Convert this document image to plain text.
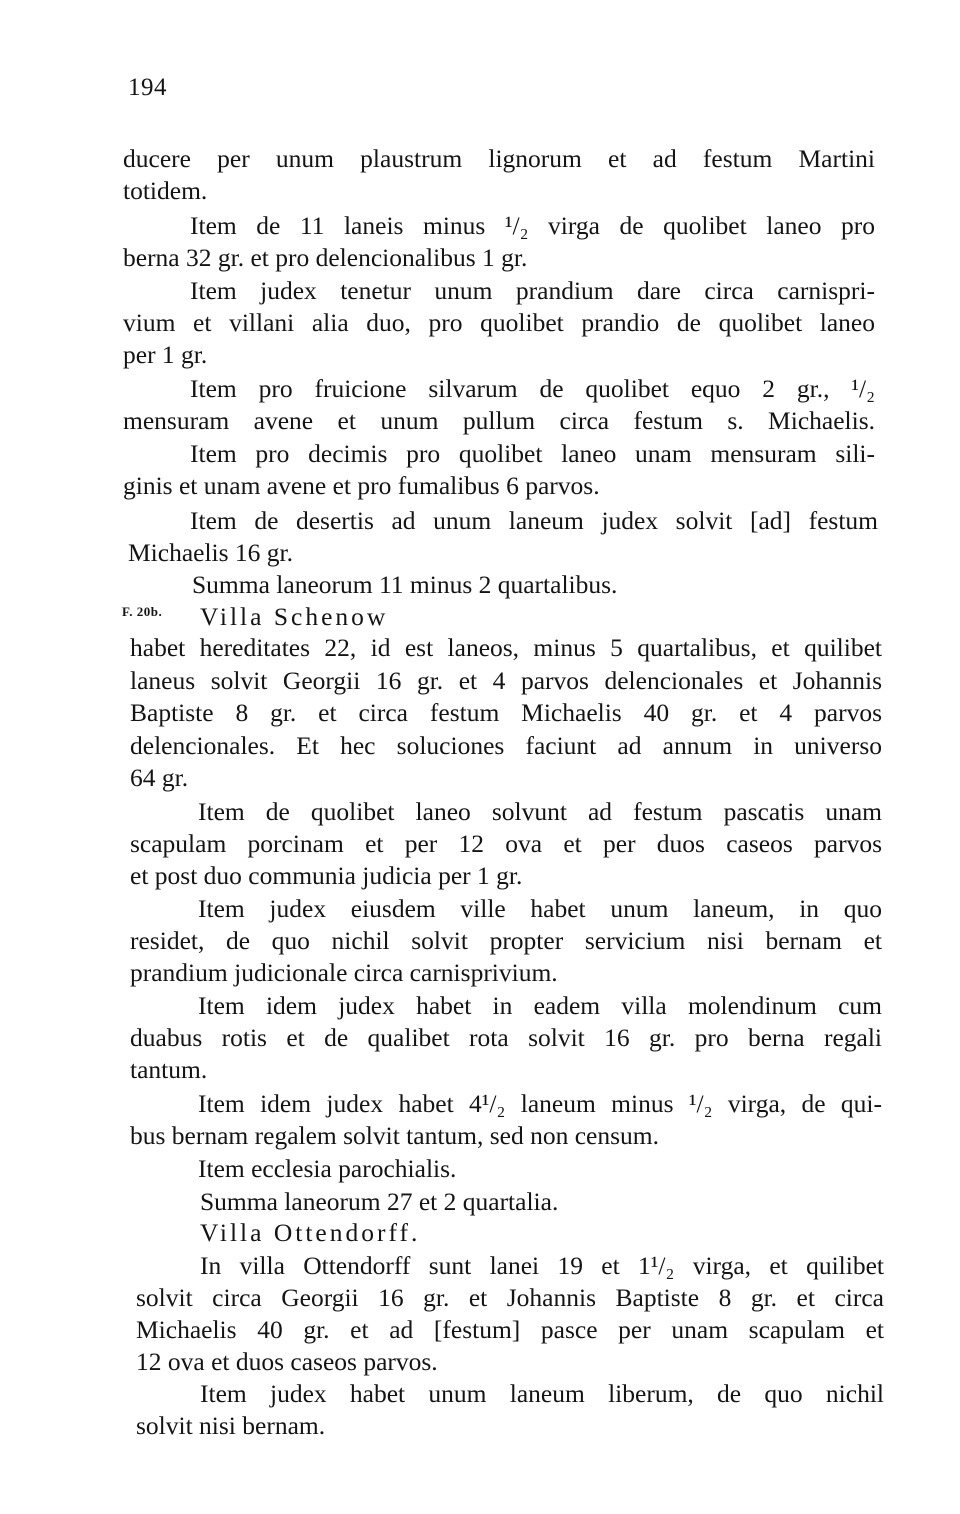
194
F. 20b.
ducere per unum plaustrum lignorum et ad festum Martini
totidem.
Item de 11 laneis minus ¹/₂ virga de quolibet laneo pro
berna 32 gr. et pro delencionalibus 1 gr.
Item judex tenetur unum prandium dare circa carnispri-
vium et villani alia duo, pro quolibet prandio de quolibet laneo
per 1 gr.
Item pro fruicione silvarum de quolibet equo 2 gr., ¹/₂
mensuram avene et unum pullum circa festum s. Michaelis.
Item pro decimis pro quolibet laneo unam mensuram sili-
ginis et unam avene et pro fumalibus 6 parvos.
Item de desertis ad unum laneum judex solvit [ad] festum
Michaelis 16 gr.
Summa laneorum 11 minus 2 quartalibus.
Villa Schenow
habet hereditates 22, id est laneos, minus 5 quartalibus, et quilibet
laneus solvit Georgii 16 gr. et 4 parvos delencionales et Johannis
Baptiste 8 gr. et circa festum Michaelis 40 gr. et 4 parvos
delencionales. Et hec soluciones faciunt ad annum in universo
64 gr.
Item de quolibet laneo solvunt ad festum pascatis unam
scapulam porcinam et per 12 ova et per duos caseos parvos
et post duo communia judicia per 1 gr.
Item judex eiusdem ville habet unum laneum, in quo
residet, de quo nichil solvit propter servicium nisi bernam et
prandium judicionale circa carnisprivium.
Item idem judex habet in eadem villa molendinum cum
duabus rotis et de qualibet rota solvit 16 gr. pro berna regali
tantum.
Item idem judex habet 4¹/₂ laneum minus ¹/₂ virga, de qui-
bus bernam regalem solvit tantum, sed non censum.
Item ecclesia parochialis.
Summa laneorum 27 et 2 quartalia.
Villa Ottendorff.
In villa Ottendorff sunt lanei 19 et 1¹/₂ virga, et quilibet
solvit circa Georgii 16 gr. et Johannis Baptiste 8 gr. et circa
Michaelis 40 gr. et ad [festum] pasce per unam scapulam et
12 ova et duos caseos parvos.
Item judex habet unum laneum liberum, de quo nichil
solvit nisi bernam.
